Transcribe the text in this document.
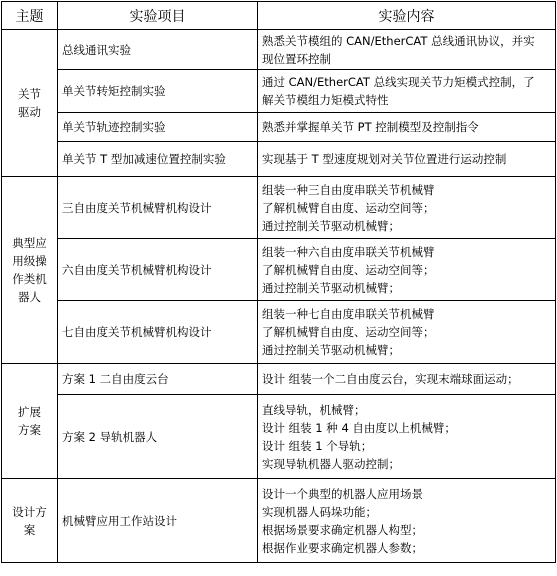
主题	实验项目	实验内容

关节
驱动	总线通讯实验	熟悉关节模组的 CAN/EtherCAT 总线通讯协议，并实
现位置环控制

	单关节转矩控制实验	通过 CAN/EtherCAT 总线实现关节力矩模式控制，了
解关节模组力矩模式特性

	单关节轨迹控制实验	熟悉并掌握单关节 PT 控制模型及控制指令

	单关节 T 型加减速位置控制实验	实现基于 T 型速度规划对关节位置进行运动控制

典型应
用级操
作类机
器人	三自由度关节机械臂机构设计	组装一种三自由度串联关节机械臂
了解机械臂自由度、运动空间等；
通过控制关节驱动机械臂；

	六自由度关节机械臂机构设计	组装一种六自由度串联关节机械臂
了解机械臂自由度、运动空间等；
通过控制关节驱动机械臂；

	七自由度关节机械臂机构设计	组装一种七自由度串联关节机械臂
了解机械臂自由度、运动空间等；
通过控制关节驱动机械臂；

扩展
方案	方案 1 二自由度云台	设计 组装一个二自由度云台，实现末端球面运动；

	方案 2 导轨机器人	直线导轨，机械臂；
设计 组装 1 种 4 自由度以上机械臂；
设计 组装 1 个导轨；
实现导轨机器人驱动控制；

设计方
案	机械臂应用工作站设计	设计一个典型的机器人应用场景
实现机器人码垛功能；
根据场景要求确定机器人构型；
根据作业要求确定机器人参数；
